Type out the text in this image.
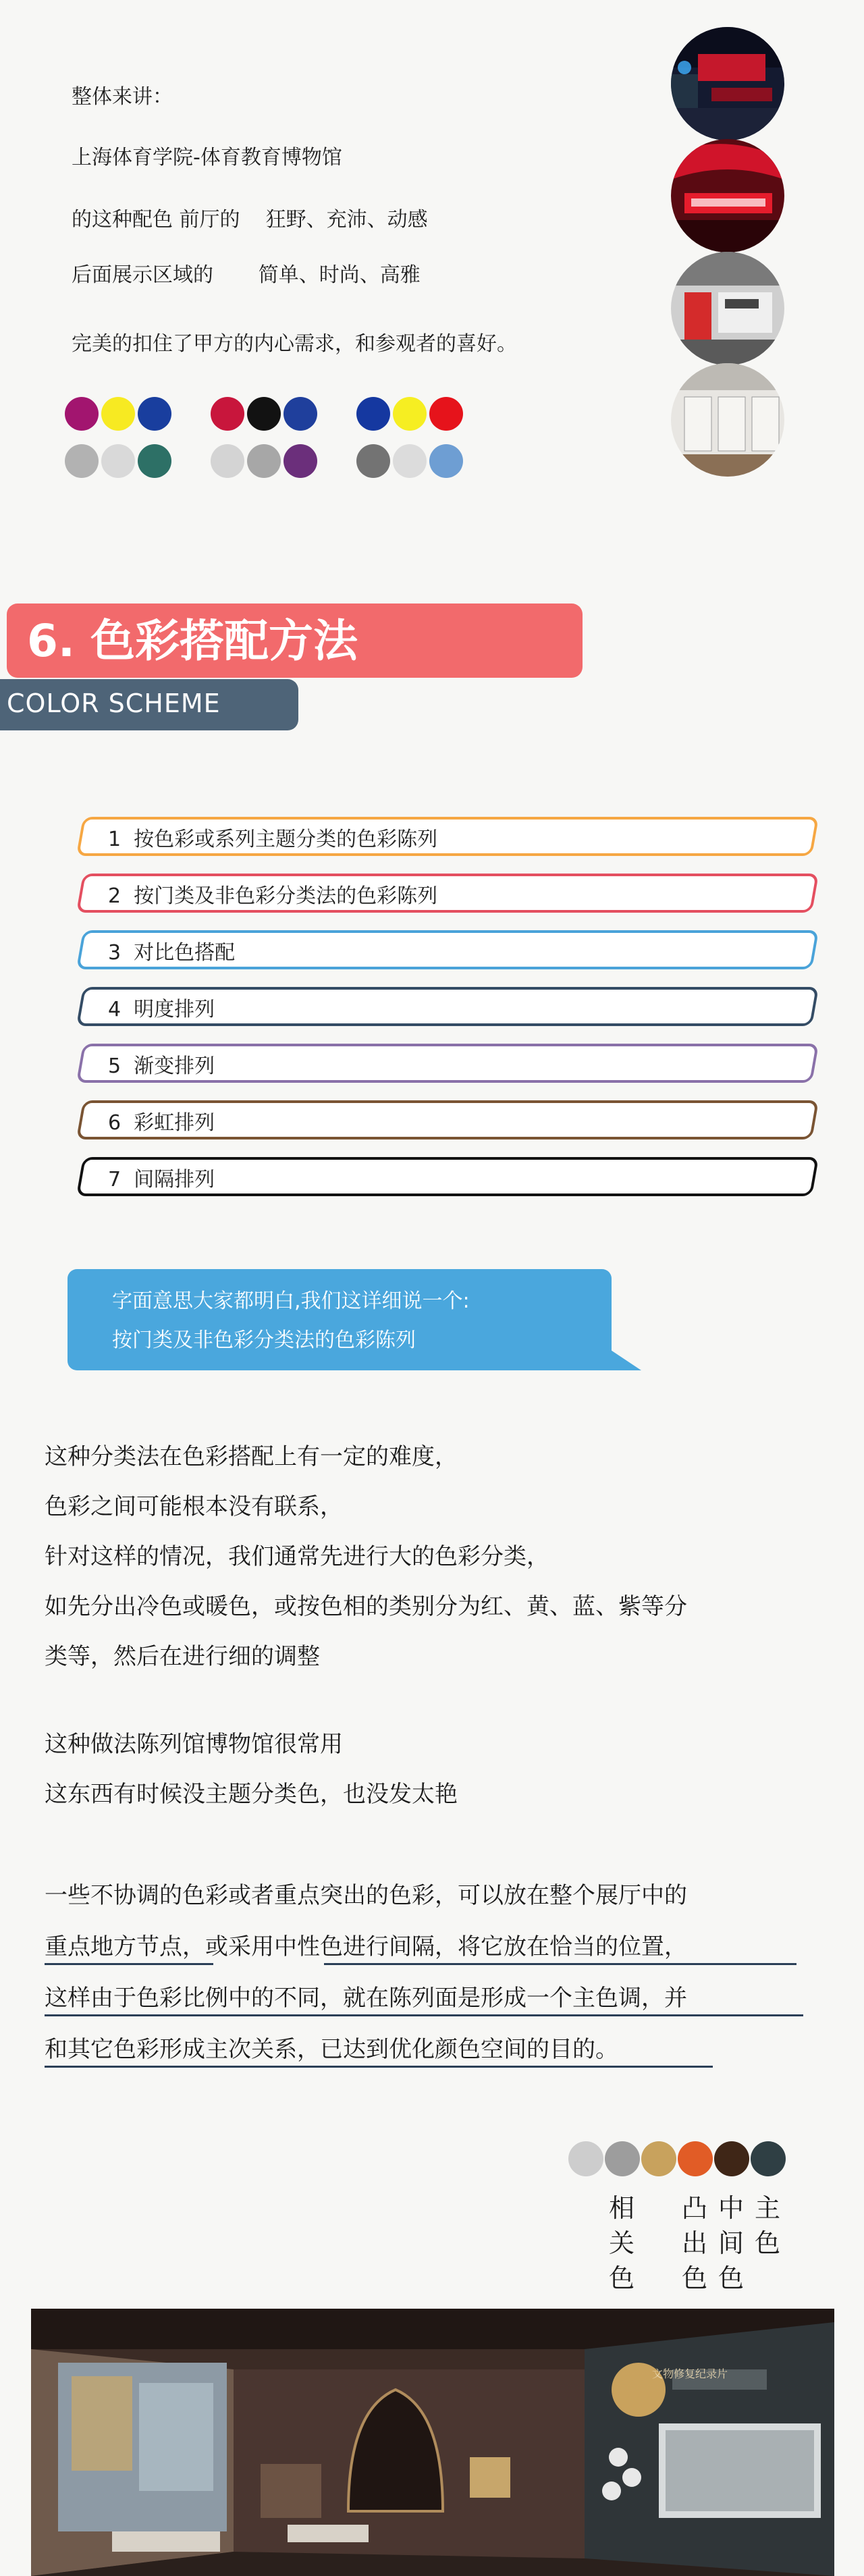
整体来讲：
上海体育学院-体育教育博物馆
的这种配色 前厅的    狂野、充沛、动感
后面展示区域的       简单、时尚、高雅
完美的扣住了甲方的内心需求，和参观者的喜好。
6. 色彩搭配方法
COLOR SCHEME
1  按色彩或系列主题分类的色彩陈列
2  按门类及非色彩分类法的色彩陈列
3  对比色搭配
4  明度排列
5  渐变排列
6  彩虹排列
7  间隔排列
字面意思大家都明白,我们这详细说一个:
按门类及非色彩分类法的色彩陈列
这种分类法在色彩搭配上有一定的难度，
色彩之间可能根本没有联系，
针对这样的情况，我们通常先进行大的色彩分类，
如先分出冷色或暖色，或按色相的类别分为红、黄、蓝、紫等分
类等，然后在进行细的调整
这种做法陈列馆博物馆很常用
这东西有时候没主题分类色，也没发太艳
一些不协调的色彩或者重点突出的色彩，可以放在整个展厅中的
重点地方节点，或采用中性色进行间隔，将它放在恰当的位置，
这样由于色彩比例中的不同，就在陈列面是形成一个主色调，并
和其它色彩形成主次关系，已达到优化颜色空间的目的。
相
关
色
凸
出
色
中
间
色
主
色
文物修复纪录片
